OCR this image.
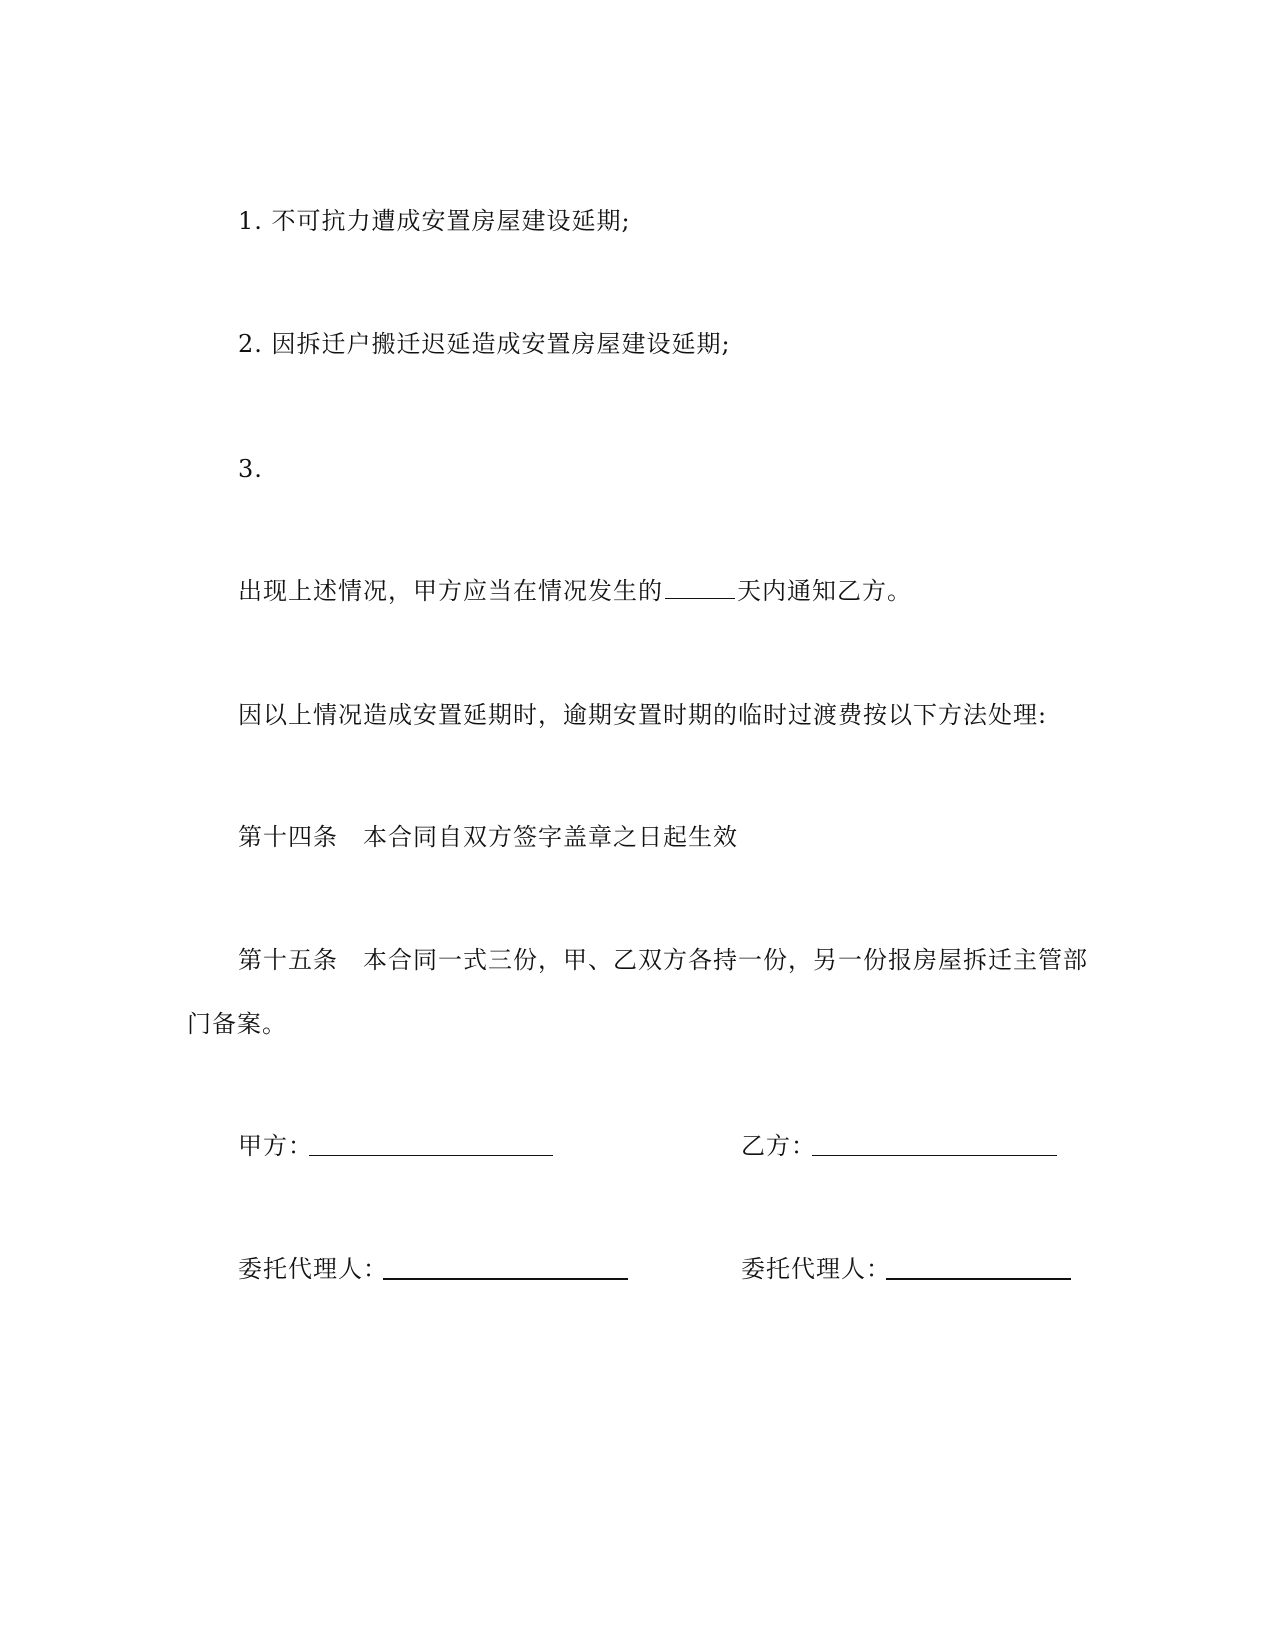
1. 不可抗力遭成安置房屋建设延期;
2. 因拆迁户搬迁迟延造成安置房屋建设延期;
3.
出现上述情况，甲方应当在情况发生的	天内通知乙方。
因以上情况造成安置延期时，逾期安置时期的临时过渡费按以下方法处理:
第十四条　本合同自双方签字盖章之日起生效
第十五条　本合同一式三份，甲、乙双方各持一份，另一份报房屋拆迁主管部
门备案。
甲方：	乙方：
委托代理人：	委托代理人：
